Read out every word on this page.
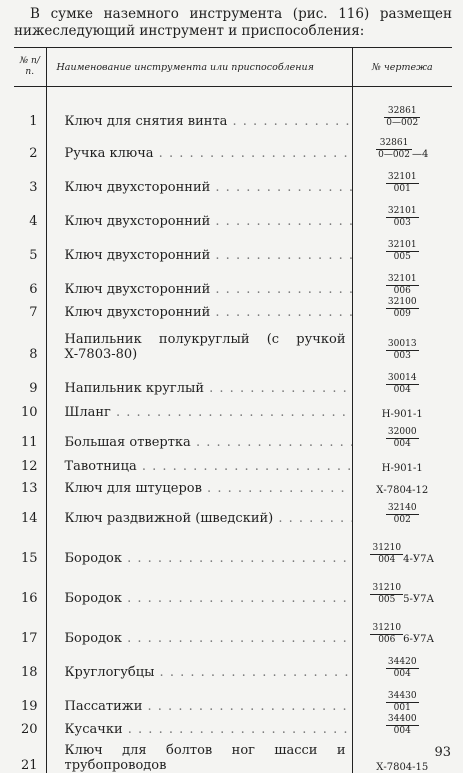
В сумке наземного инструмента (рис. 116) размещен нижеследующий инструмент и приспособления:
№ п/п.	Наименование инструмента или приспособления	№ чертежа

1	Ключ для снятия винта . . .	$\frac{32861}{0—002}$

2	Ручка ключа . . .	$\frac{32861}{0—002}$ —4
3	Ключ двухсторонний . . .	$\frac{32101}{001}$

4	Ключ двухсторонний . . .	$\frac{32101}{003}$

5	Ключ двухсторонний . . .	$\frac{32101}{005}$

6	Ключ двухсторонний . . .	$\frac{32101}{006}$

7	Ключ двухсторонний . . .	$\frac{32100}{009}$

8	Напильник полукруглый (с ручкой Х-7803-80)	$\frac{30013}{003}$

9	Напильник круглый . . .	$\frac{30014}{004}$

10	Шланг . . .	Н-901-1
11	Большая отвертка . . .	$\frac{32000}{004}$

12	Тавотница . . .	Н-901-1
13	Ключ для штуцеров . . .	Х-7804-12
14	Ключ раздвижной (шведский) . . .	$\frac{32140}{002}$

15	Бородок . . .	$\frac{31210}{004} 4-У7А$
16	Бородок . . .	$\frac{31210}{005} 5-У7А$
17	Бородок . . .	$\frac{31210}{006} 6-У7А$
18	Круглогубцы . . .	$\frac{34420}{004}$

19	Пассатижи . . .	$\frac{34430}{001}$

20	Кусачки . . .	$\frac{34400}{004}$

21	Ключ для болтов ног шасси и трубопроводов	Х-7804-15
93
